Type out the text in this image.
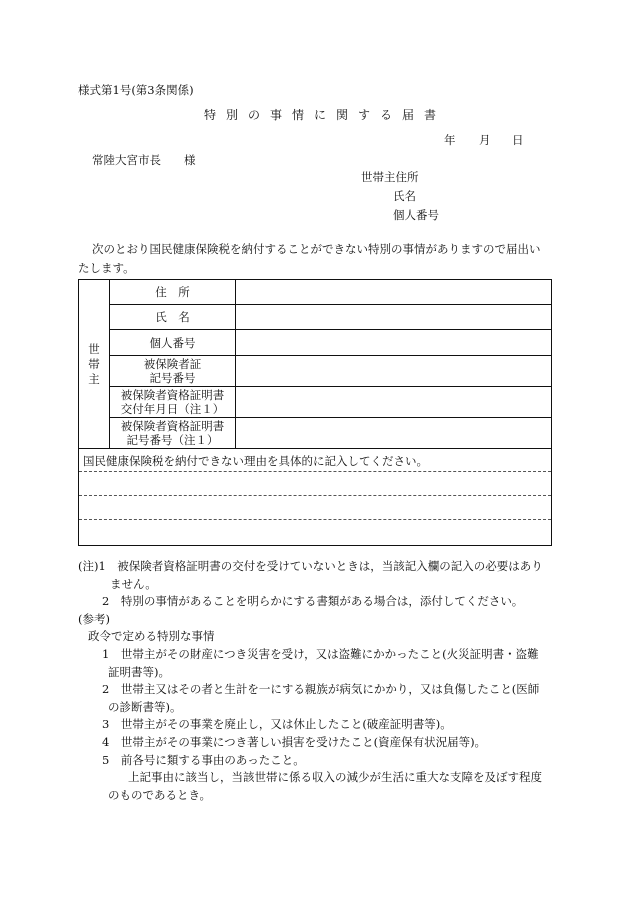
様式第1号(第3条関係)
特別の事情に関する届書
年 月 日
常陸大宮市長 様
世帯主住所
氏名
個人番号
次のとおり国民健康保険税を納付することができない特別の事情がありますので届出い
たします。
世
帯
主	住　所	

	氏　名	

	個人番号	

	被保険者証
記号番号	

	被保険者資格証明書
交付年月日（注１）	

	被保険者資格証明書
記号番号（注１）	

国民健康保険税を納付できない理由を具体的に記入してください。		
(注)1　被保険者資格証明書の交付を受けていないときは，当該記入欄の記入の必要はあり
ません。
2　特別の事情があることを明らかにする書類がある場合は，添付してください。
(参考)
政令で定める特別な事情
1　世帯主がその財産につき災害を受け，又は盗難にかかったこと(火災証明書・盗難
証明書等)。
2　世帯主又はその者と生計を一にする親族が病気にかかり，又は負傷したこと(医師
の診断書等)。
3　世帯主がその事業を廃止し，又は休止したこと(破産証明書等)。
4　世帯主がその事業につき著しい損害を受けたこと(資産保有状況届等)。
5　前各号に類する事由のあったこと。
上記事由に該当し，当該世帯に係る収入の減少が生活に重大な支障を及ぼす程度
のものであるとき。
